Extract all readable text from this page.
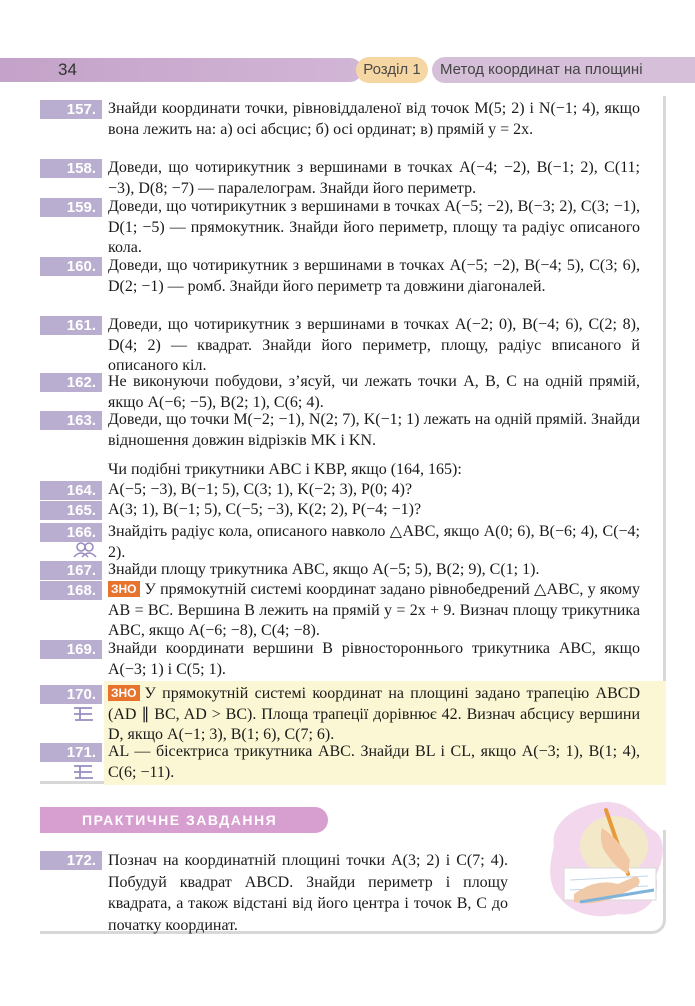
34	Розділ 1	Метод координат на площині
157. Знайди координати точки, рівновіддаленої від точок M(5; 2) і N(−1; 4), якщо вона лежить на: а) осі абсцис; б) осі ординат; в) прямій y = 2x.
158. Доведи, що чотирикутник з вершинами в точках A(−4; −2), B(−1; 2), C(11; −3), D(8; −7) — паралелограм. Знайди його периметр.
159. Доведи, що чотирикутник з вершинами в точках A(−5; −2), B(−3; 2), C(3; −1), D(1; −5) — прямокутник. Знайди його периметр, площу та радіус описаного кола.
160. Доведи, що чотирикутник з вершинами в точках A(−5; −2), B(−4; 5), C(3; 6), D(2; −1) — ромб. Знайди його периметр та довжини діагоналей.
161. Доведи, що чотирикутник з вершинами в точках A(−2; 0), B(−4; 6), C(2; 8), D(4; 2) — квадрат. Знайди його периметр, площу, радіус вписаного й описаного кіл.
162. Не виконуючи побудови, з’ясуй, чи лежать точки A, B, C на одній прямій, якщо A(−6; −5), B(2; 1), C(6; 4).
163. Доведи, що точки M(−2; −1), N(2; 7), K(−1; 1) лежать на одній прямій. Знайди відношення довжин відрізків MK і KN.
Чи подібні трикутники ABC і KBP, якщо (164, 165):
164. A(−5; −3), B(−1; 5), C(3; 1), K(−2; 3), P(0; 4)?
165. A(3; 1), B(−1; 5), C(−5; −3), K(2; 2), P(−4; −1)?
166. Знайдіть радіус кола, описаного навколо △ABC, якщо A(0; 6), B(−6; 4), C(−4; 2).
167. Знайди площу трикутника ABC, якщо A(−5; 5), B(2; 9), C(1; 1).
168.	ЗНО У прямокутній системі координат задано рівнобедрений △ABC, у якому AB = BC. Вершина B лежить на прямій y = 2x + 9. Визнач площу трикутника ABC, якщо A(−6; −8), C(4; −8).
169. Знайди координати вершини B рівностороннього трикутника ABC, якщо A(−3; 1) і C(5; 1).
170.	ЗНО У прямокутній системі координат на площині задано трапецію ABCD (AD ∥ BC, AD > BC). Площа трапеції дорівнює 42. Визнач абсцису вершини D, якщо A(−1; 3), B(1; 6), C(7; 6).
171. AL — бісектриса трикутника ABC. Знайди BL і CL, якщо A(−3; 1), B(1; 4), C(6; −11).
ПРАКТИЧНЕ ЗАВДАННЯ
172. Познач на координатній площині точки A(3; 2) і C(7; 4). Побудуй квадрат ABCD. Знайди периметр і площу квадрата, а також відстані від його центра і точок B, C до початку координат.
